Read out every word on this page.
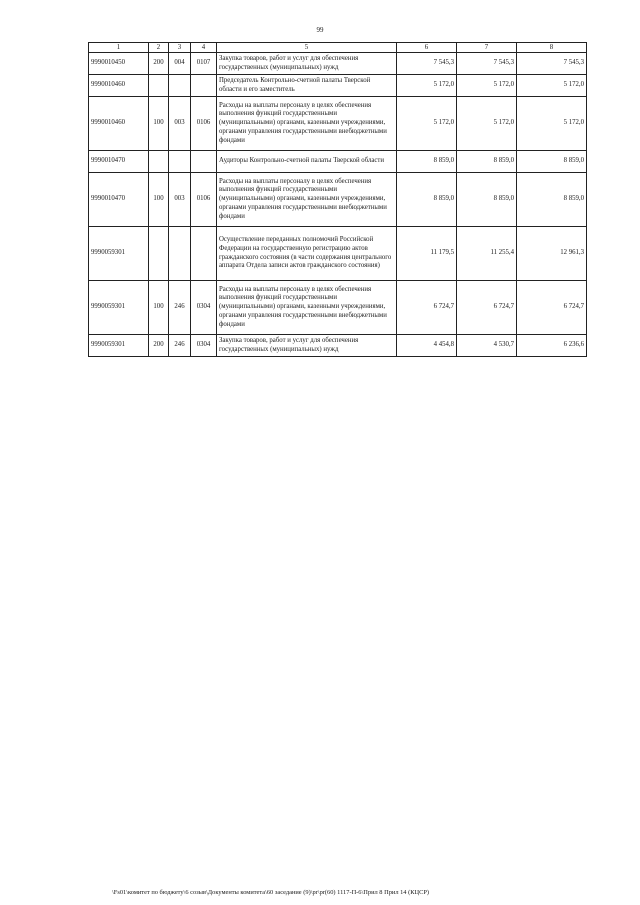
99
1	2	3	4	5	6	7	8
9990010450	200	004	0107	Закупка товаров, работ и услуг для обеспечения государственных (муниципальных) нужд	7 545,3	7 545,3	7 545,3
9990010460				Председатель Контрольно-счетной палаты Тверской области и его заместитель	5 172,0	5 172,0	5 172,0
9990010460	100	003	0106	Расходы на выплаты персоналу в целях обеспечения выполнения функций государственными (муниципальными) органами, казенными учреждениями, органами управления государственными внебюджетными фондами	5 172,0	5 172,0	5 172,0
9990010470				Аудиторы Контрольно-счетной палаты Тверской области	8 859,0	8 859,0	8 859,0
9990010470	100	003	0106	Расходы на выплаты персоналу в целях обеспечения выполнения функций государственными (муниципальными) органами, казенными учреждениями, органами управления государственными внебюджетными фондами	8 859,0	8 859,0	8 859,0
9990059301				Осуществление переданных полномочий Российской Федерации на государственную регистрацию актов гражданского состояния (в части содержания центрального аппарата Отдела записи актов гражданского состояния)	11 179,5	11 255,4	12 961,3
9990059301	100	246	0304	Расходы на выплаты персоналу в целях обеспечения выполнения функций государственными (муниципальными) органами, казенными учреждениями, органами управления государственными внебюджетными фондами	6 724,7	6 724,7	6 724,7
9990059301	200	246	0304	Закупка товаров, работ и услуг для обеспечения государственных (муниципальных) нужд	4 454,8	4 530,7	6 236,6
\Fs01\комитет по бюджету\6 созыв\Документы комитета\60 заседание (9)\pr\pr(60) 1117-П-6\Прил 8 Прил 14 (КЦСР)
